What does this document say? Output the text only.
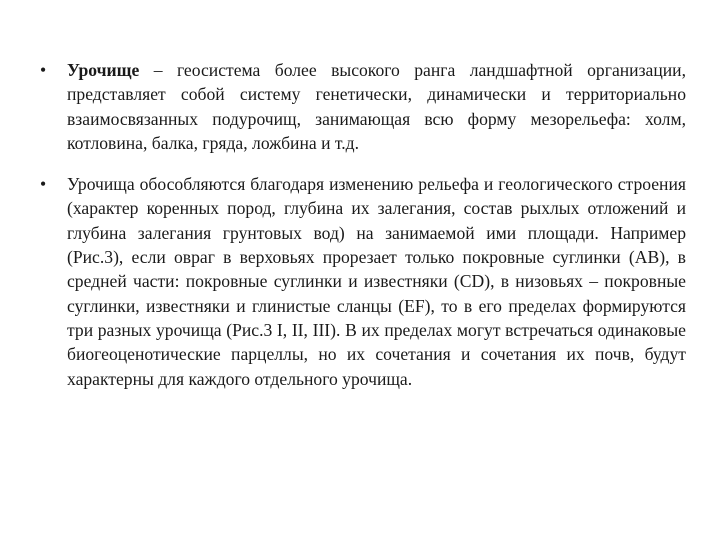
• Урочище – геосистема более высокого ранга ландшафтной организации, представляет собой систему генетически, динамически и территориально взаимосвязанных подурочищ, занимающая всю форму мезорельефа: холм, котловина, балка, гряда, ложбина и т.д.
• Урочища обособляются благодаря изменению рельефа и геологического строения (характер коренных пород, глубина их залегания, состав рыхлых отложений и глубина залегания грунтовых вод) на занимаемой ими площади. Например (Рис.3), если овраг в верховьях прорезает только покровные суглинки (АВ), в средней части: покровные суглинки и известняки (CD), в низовьях – покровные суглинки, известняки и глинистые сланцы (EF), то в его пределах формируются три разных урочища (Рис.3 I, II, III). В их пределах могут встречаться одинаковые биогеоценотические парцеллы, но их сочетания и сочетания их почв, будут характерны для каждого отдельного урочища.
